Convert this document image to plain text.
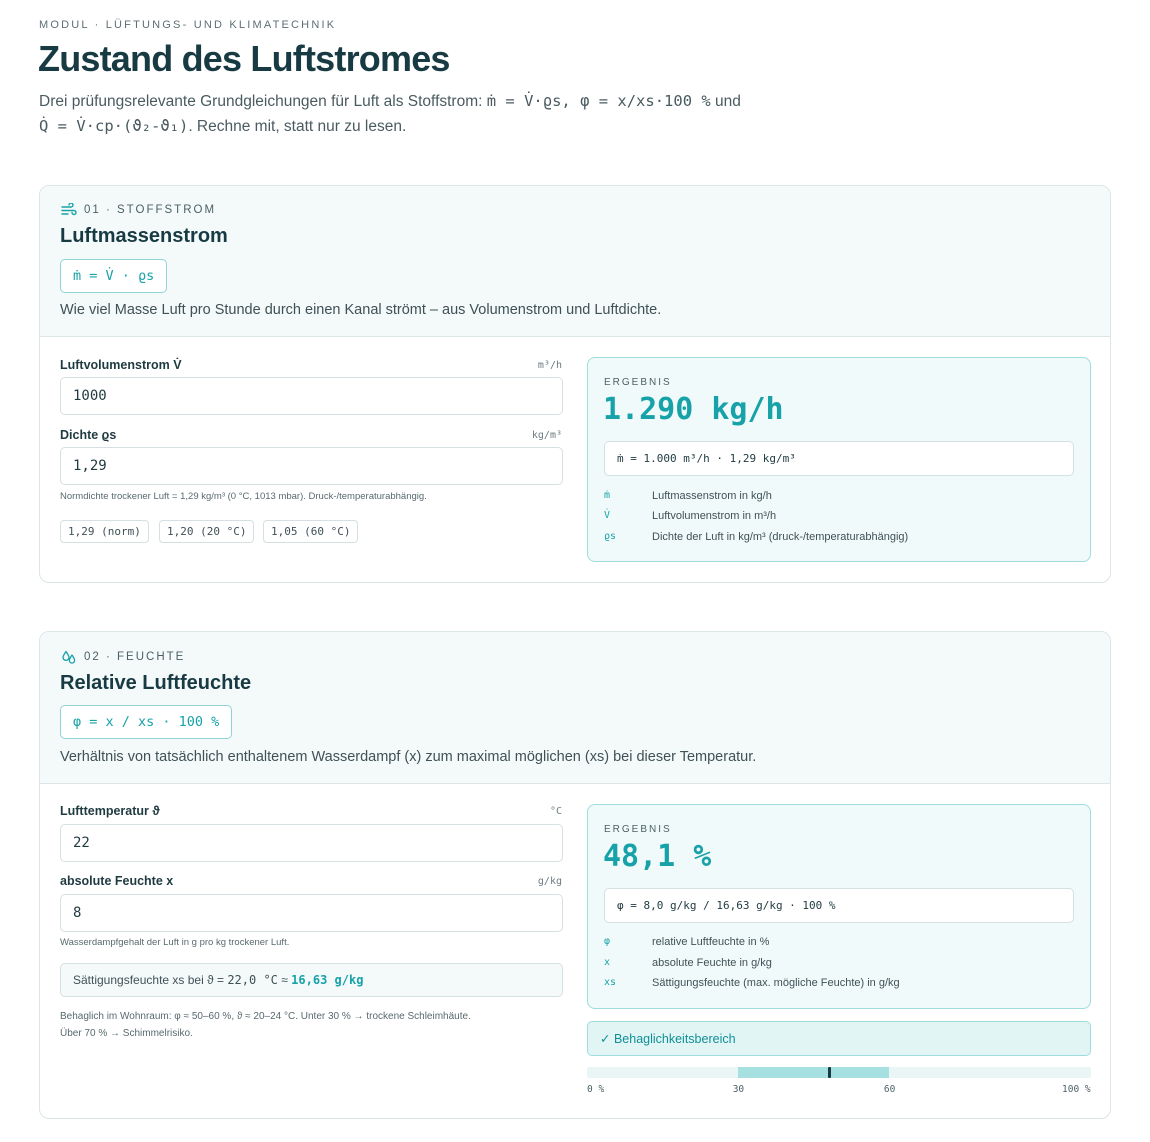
MODUL · LÜFTUNGS- UND KLIMATECHNIK
Zustand des Luftstromes

Drei prüfungsrelevante Grundgleichungen für Luft als Stoffstrom: ṁ = V̇·ϱs, φ = x/xs·100 % und
Q̇ = V̇·cp·(ϑ₂-ϑ₁). Rechne mit, statt nur zu lesen.

01 · STOFFSTROM
Luftmassenstrom
ṁ = V̇ · ϱs

Wie viel Masse Luft pro Stunde durch einen Kanal strömt – aus Volumenstrom und Luftdichte.

Luftvolumenstrom V̇	m³/h
1000
Dichte ϱs	kg/m³
1,29
Normdichte trockener Luft = 1,29 kg/m³ (0 °C, 1013 mbar). Druck-/temperaturabhängig.
1,29 (norm)	1,20 (20 °C)	1,05 (60 °C)
ERGEBNIS
1.290 kg/h
ṁ = 1.000 m³/h · 1,29 kg/m³
ṁ	Luftmassenstrom in kg/h
V̇	Luftvolumenstrom in m³/h
ϱs	Dichte der Luft in kg/m³ (druck-/temperaturabhängig)
02 · FEUCHTE
Relative Luftfeuchte
φ = x / xs · 100 %

Verhältnis von tatsächlich enthaltenem Wasserdampf (x) zum maximal möglichen (xs) bei dieser Temperatur.

Lufttemperatur ϑ	°C
22
absolute Feuchte x	g/kg
8
Wasserdampfgehalt der Luft in g pro kg trockener Luft.
Sättigungsfeuchte xs bei ϑ = 22,0 °C ≈ 16,63 g/kg
Behaglich im Wohnraum: φ ≈ 50–60 %, ϑ ≈ 20–24 °C. Unter 30 % → trockene Schleimhäute.
Über 70 % → Schimmelrisiko.
ERGEBNIS
48,1 %
φ = 8,0 g/kg / 16,63 g/kg · 100 %
φ	relative Luftfeuchte in %
x	absolute Feuchte in g/kg
xs	Sättigungsfeuchte (max. mögliche Feuchte) in g/kg
✓ Behaglichkeitsbereich
0 %	30	60	100 %
